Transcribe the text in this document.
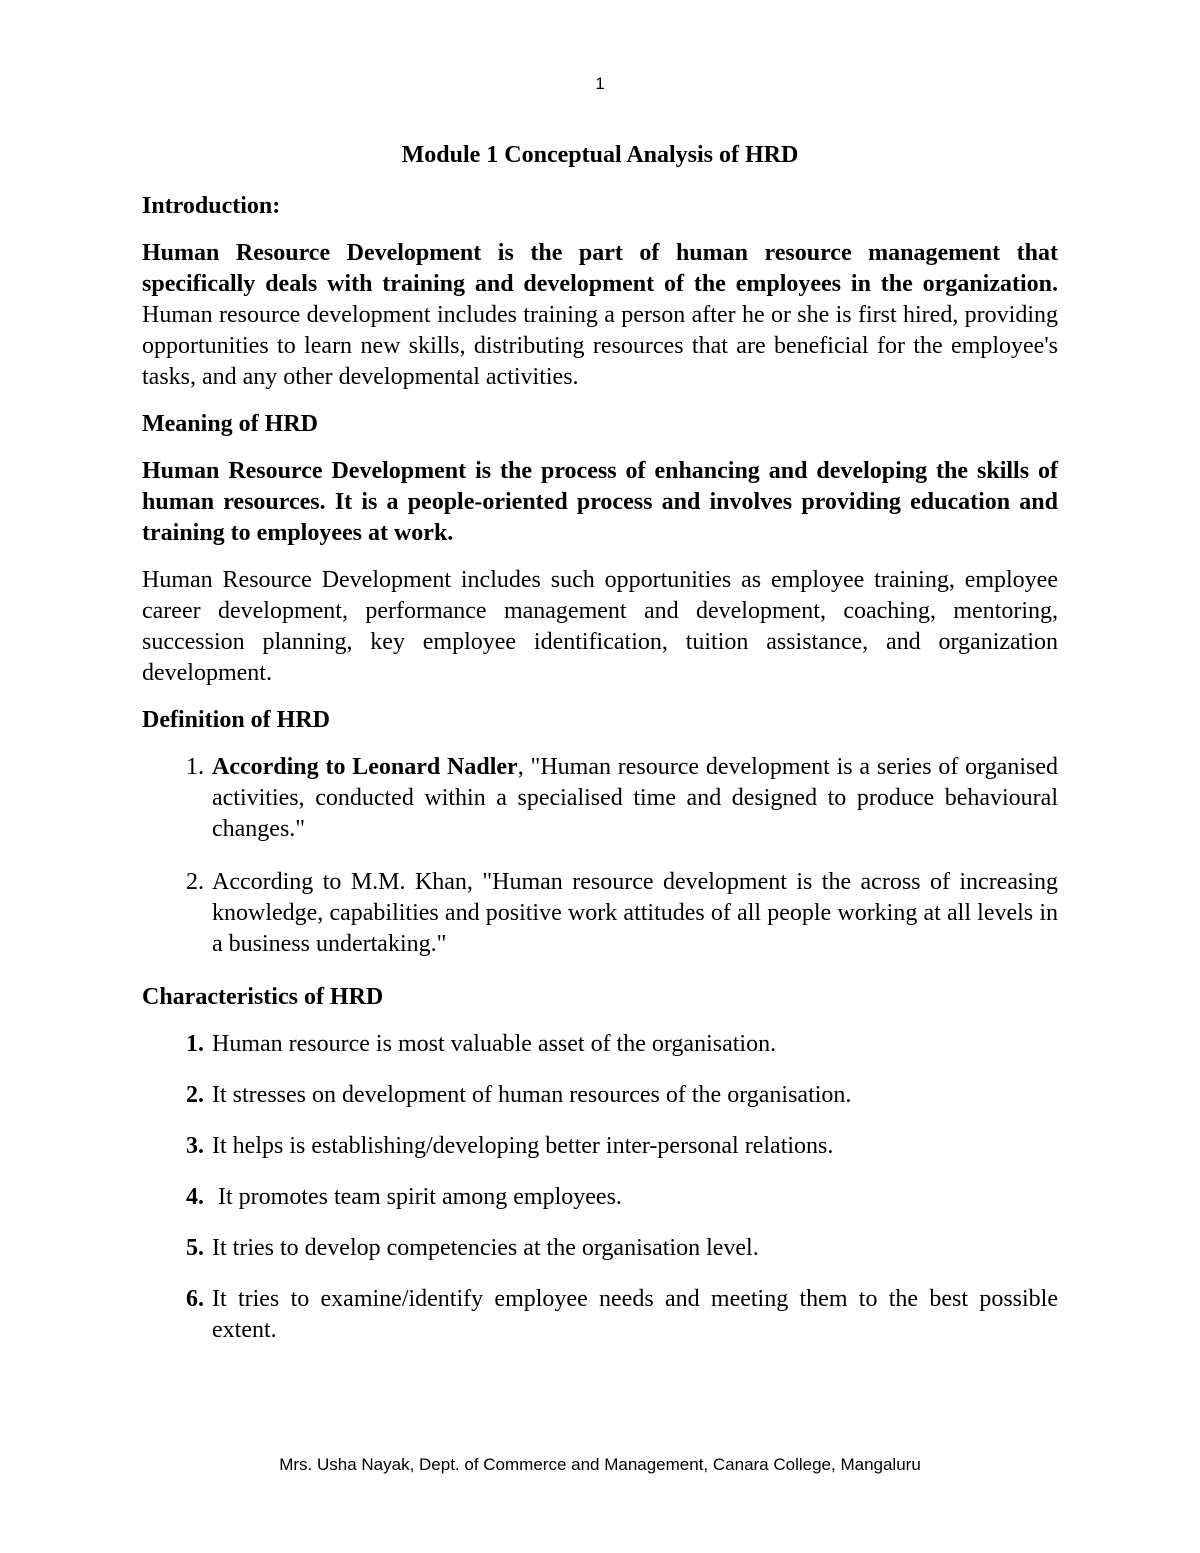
1
Module 1 Conceptual Analysis of HRD
Introduction:

Human Resource Development is the part of human resource management that specifically deals with training and development of the employees in the organization. Human resource development includes training a person after he or she is first hired, providing opportunities to learn new skills, distributing resources that are beneficial for the employee's tasks, and any other developmental activities.

Meaning of HRD

Human Resource Development is the process of enhancing and developing the skills of human resources. It is a people-oriented process and involves providing education and training to employees at work.

Human Resource Development includes such opportunities as employee training, employee career development, performance management and development, coaching, mentoring, succession planning, key employee identification, tuition assistance, and organization development.

Definition of HRD
1. According to Leonard Nadler, "Human resource development is a series of organised activities, conducted within a specialised time and designed to produce behavioural changes."
2. According to M.M. Khan, "Human resource development is the across of increasing knowledge, capabilities and positive work attitudes of all people working at all levels in a business undertaking."
Characteristics of HRD
1. Human resource is most valuable asset of the organisation.
2. It stresses on development of human resources of the organisation.
3. It helps is establishing/developing better inter-personal relations.
4. It promotes team spirit among employees.
5. It tries to develop competencies at the organisation level.
6. It tries to examine/identify employee needs and meeting them to the best possible extent.
Mrs. Usha Nayak, Dept. of Commerce and Management, Canara College, Mangaluru
